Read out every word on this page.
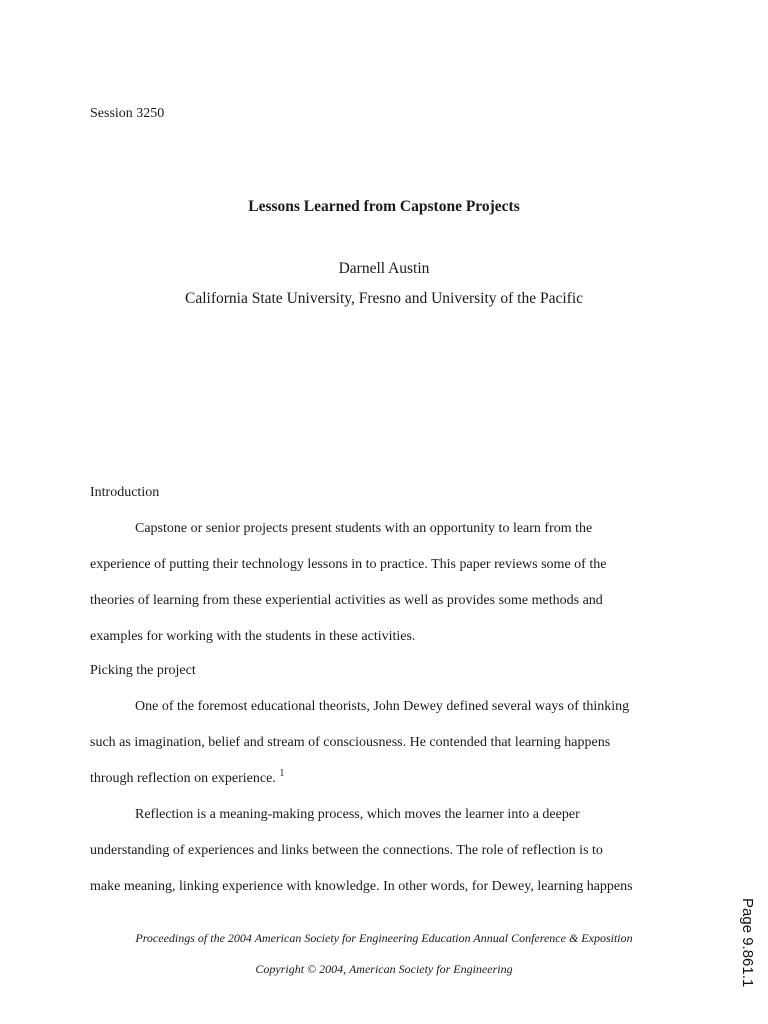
Session 3250
Lessons Learned from Capstone Projects
Darnell Austin
California State University, Fresno and University of the Pacific
Introduction
Capstone or senior projects present students with an opportunity to learn from the
experience of putting their technology lessons in to practice. This paper reviews some of the
theories of learning from these experiential activities as well as provides some methods and
examples for working with the students in these activities.
Picking the project
One of the foremost educational theorists, John Dewey defined several ways of thinking
such as imagination, belief and stream of consciousness. He contended that learning happens
through reflection on experience. $^1$
Reflection is a meaning-making process, which moves the learner into a deeper
understanding of experiences and links between the connections. The role of reflection is to
make meaning, linking experience with knowledge. In other words, for Dewey, learning happens
Proceedings of the 2004 American Society for Engineering Education Annual Conference & Exposition
Copyright © 2004, American Society for Engineering	Page 9.861.1
